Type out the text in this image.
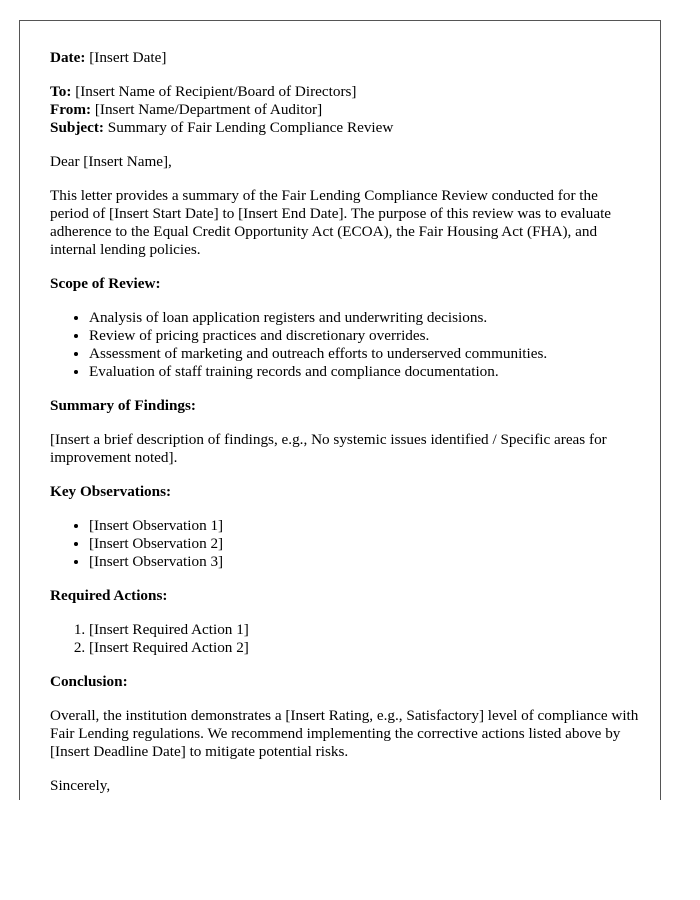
Date: [Insert Date]

To: [Insert Name of Recipient/Board of Directors]

From: [Insert Name/Department of Auditor]

Subject: Summary of Fair Lending Compliance Review

Dear [Insert Name],

This letter provides a summary of the Fair Lending Compliance Review conducted for the period of [Insert Start Date] to [Insert End Date]. The purpose of this review was to evaluate adherence to the Equal Credit Opportunity Act (ECOA), the Fair Housing Act (FHA), and internal lending policies.

Scope of Review:
• Analysis of loan application registers and underwriting decisions.
• Review of pricing practices and discretionary overrides.
• Assessment of marketing and outreach efforts to underserved communities.
• Evaluation of staff training records and compliance documentation.
Summary of Findings:

[Insert a brief description of findings, e.g., No systemic issues identified / Specific areas for improvement noted].

Key Observations:
• [Insert Observation 1]
• [Insert Observation 2]
• [Insert Observation 3]
Required Actions:
1. [Insert Required Action 1]
2. [Insert Required Action 2]
Conclusion:

Overall, the institution demonstrates a [Insert Rating, e.g., Satisfactory] level of compliance with Fair Lending regulations. We recommend implementing the corrective actions listed above by [Insert Deadline Date] to mitigate potential risks.

Sincerely,
